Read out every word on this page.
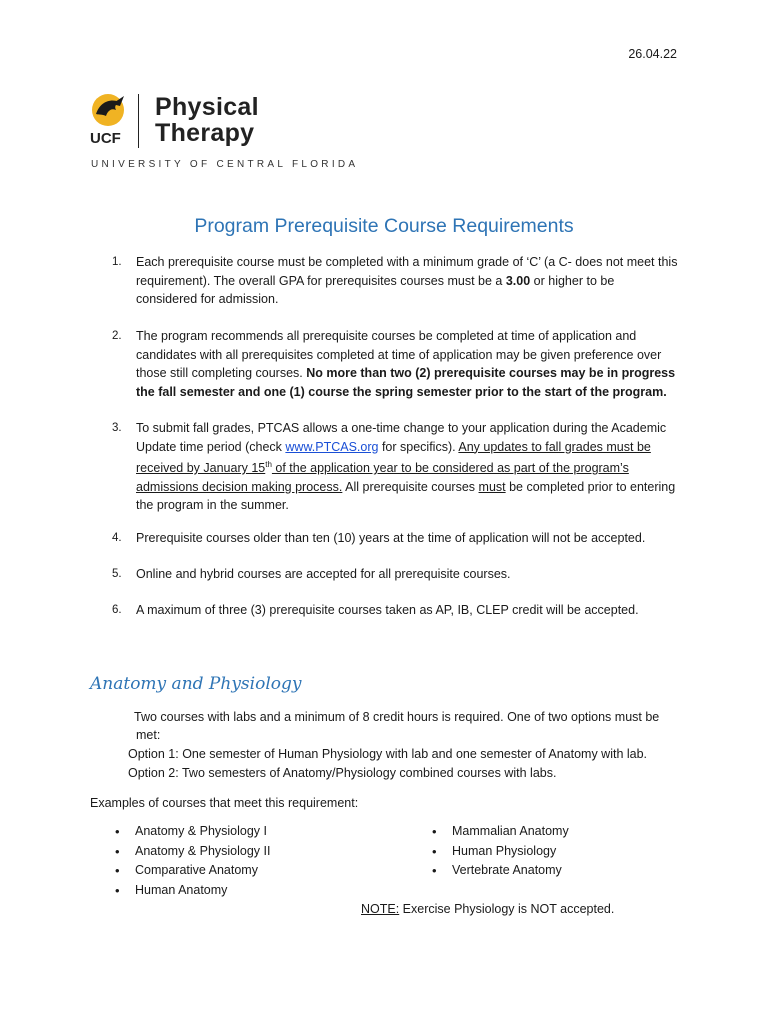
26.04.22
UCF
Physical
Therapy
UNIVERSITY OF CENTRAL FLORIDA
Program Prerequisite Course Requirements
1. Each prerequisite course must be completed with a minimum grade of ‘C’ (a C- does not meet this requirement). The overall GPA for prerequisites courses must be a 3.00 or higher to be considered for admission.
2. The program recommends all prerequisite courses be completed at time of application and candidates with all prerequisites completed at time of application may be given preference over those still completing courses. No more than two (2) prerequisite courses may be in progress the fall semester and one (1) course the spring semester prior to the start of the program.
3. To submit fall grades, PTCAS allows a one-time change to your application during the Academic Update time period (check www.PTCAS.org for specifics). Any updates to fall grades must be received by January 15th of the application year to be considered as part of the program’s admissions decision making process. All prerequisite courses must be completed prior to entering the program in the summer.
4. Prerequisite courses older than ten (10) years at the time of application will not be accepted.
5. Online and hybrid courses are accepted for all prerequisite courses.
6. A maximum of three (3) prerequisite courses taken as AP, IB, CLEP credit will be accepted.
Anatomy and Physiology
Two courses with labs and a minimum of 8 credit hours is required. One of two options must be
met:
Option 1: One semester of Human Physiology with lab and one semester of Anatomy with lab.
Option 2: Two semesters of Anatomy/Physiology combined courses with labs.
Examples of courses that meet this requirement:
• Anatomy & Physiology I
• Anatomy & Physiology II
• Comparative Anatomy
• Human Anatomy
• Mammalian Anatomy
• Human Physiology
• Vertebrate Anatomy
NOTE: Exercise Physiology is NOT accepted.
